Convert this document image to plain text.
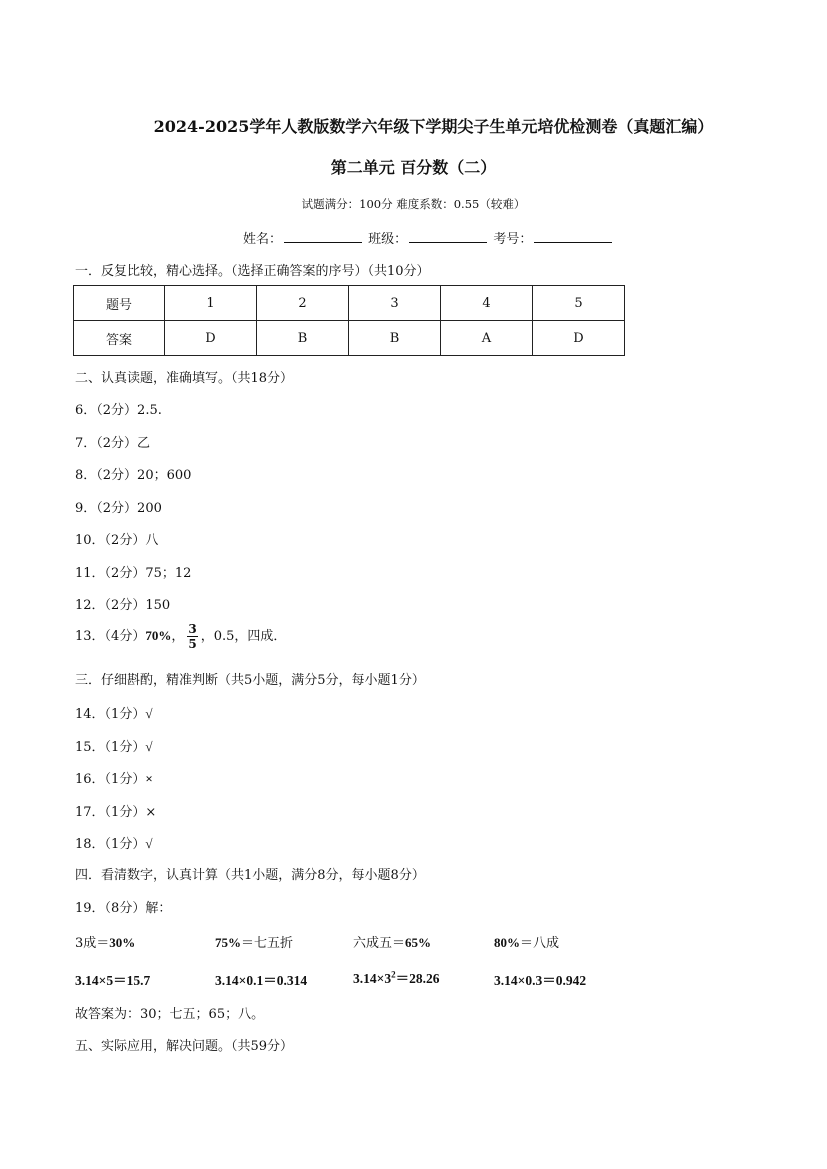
2024-2025学年人教版数学六年级下学期尖子生单元培优检测卷（真题汇编）
第二单元 百分数（二）
试题满分：100分 难度系数：0.55（较难）
姓名：	班级：	考号：
一．反复比较，精心选择。（选择正确答案的序号）（共10分）
题号	1	2	3	4	5
答案	D	B	B	A	D
二、认真读题，准确填写。（共18分）
6．（2分）2.5.
7．（2分）乙
8．（2分）20；600
9．（2分）200
10．（2分）八
11．（2分）75；12
12．（2分）150
13．（4分）70%， $\frac{3}{5}$ ，0.5，四成．
三．仔细斟酌，精准判断（共5小题，满分5分，每小题1分）
14．（1分）√
15．（1分）√
16．（1分）×
17．（1分）×
18．（1分）√
四．看清数字，认真计算（共1小题，满分8分，每小题8分）
19．（8分）解：
3成＝30%	75%＝七五折	六成五＝65%	80%＝八成
3.14×5＝15.7	3.14×0.1＝0.314	$3.14\times 3^2=28.26$	3.14×0.3＝0.942
故答案为：30；七五；65；八。
五、实际应用，解决问题。（共59分）
